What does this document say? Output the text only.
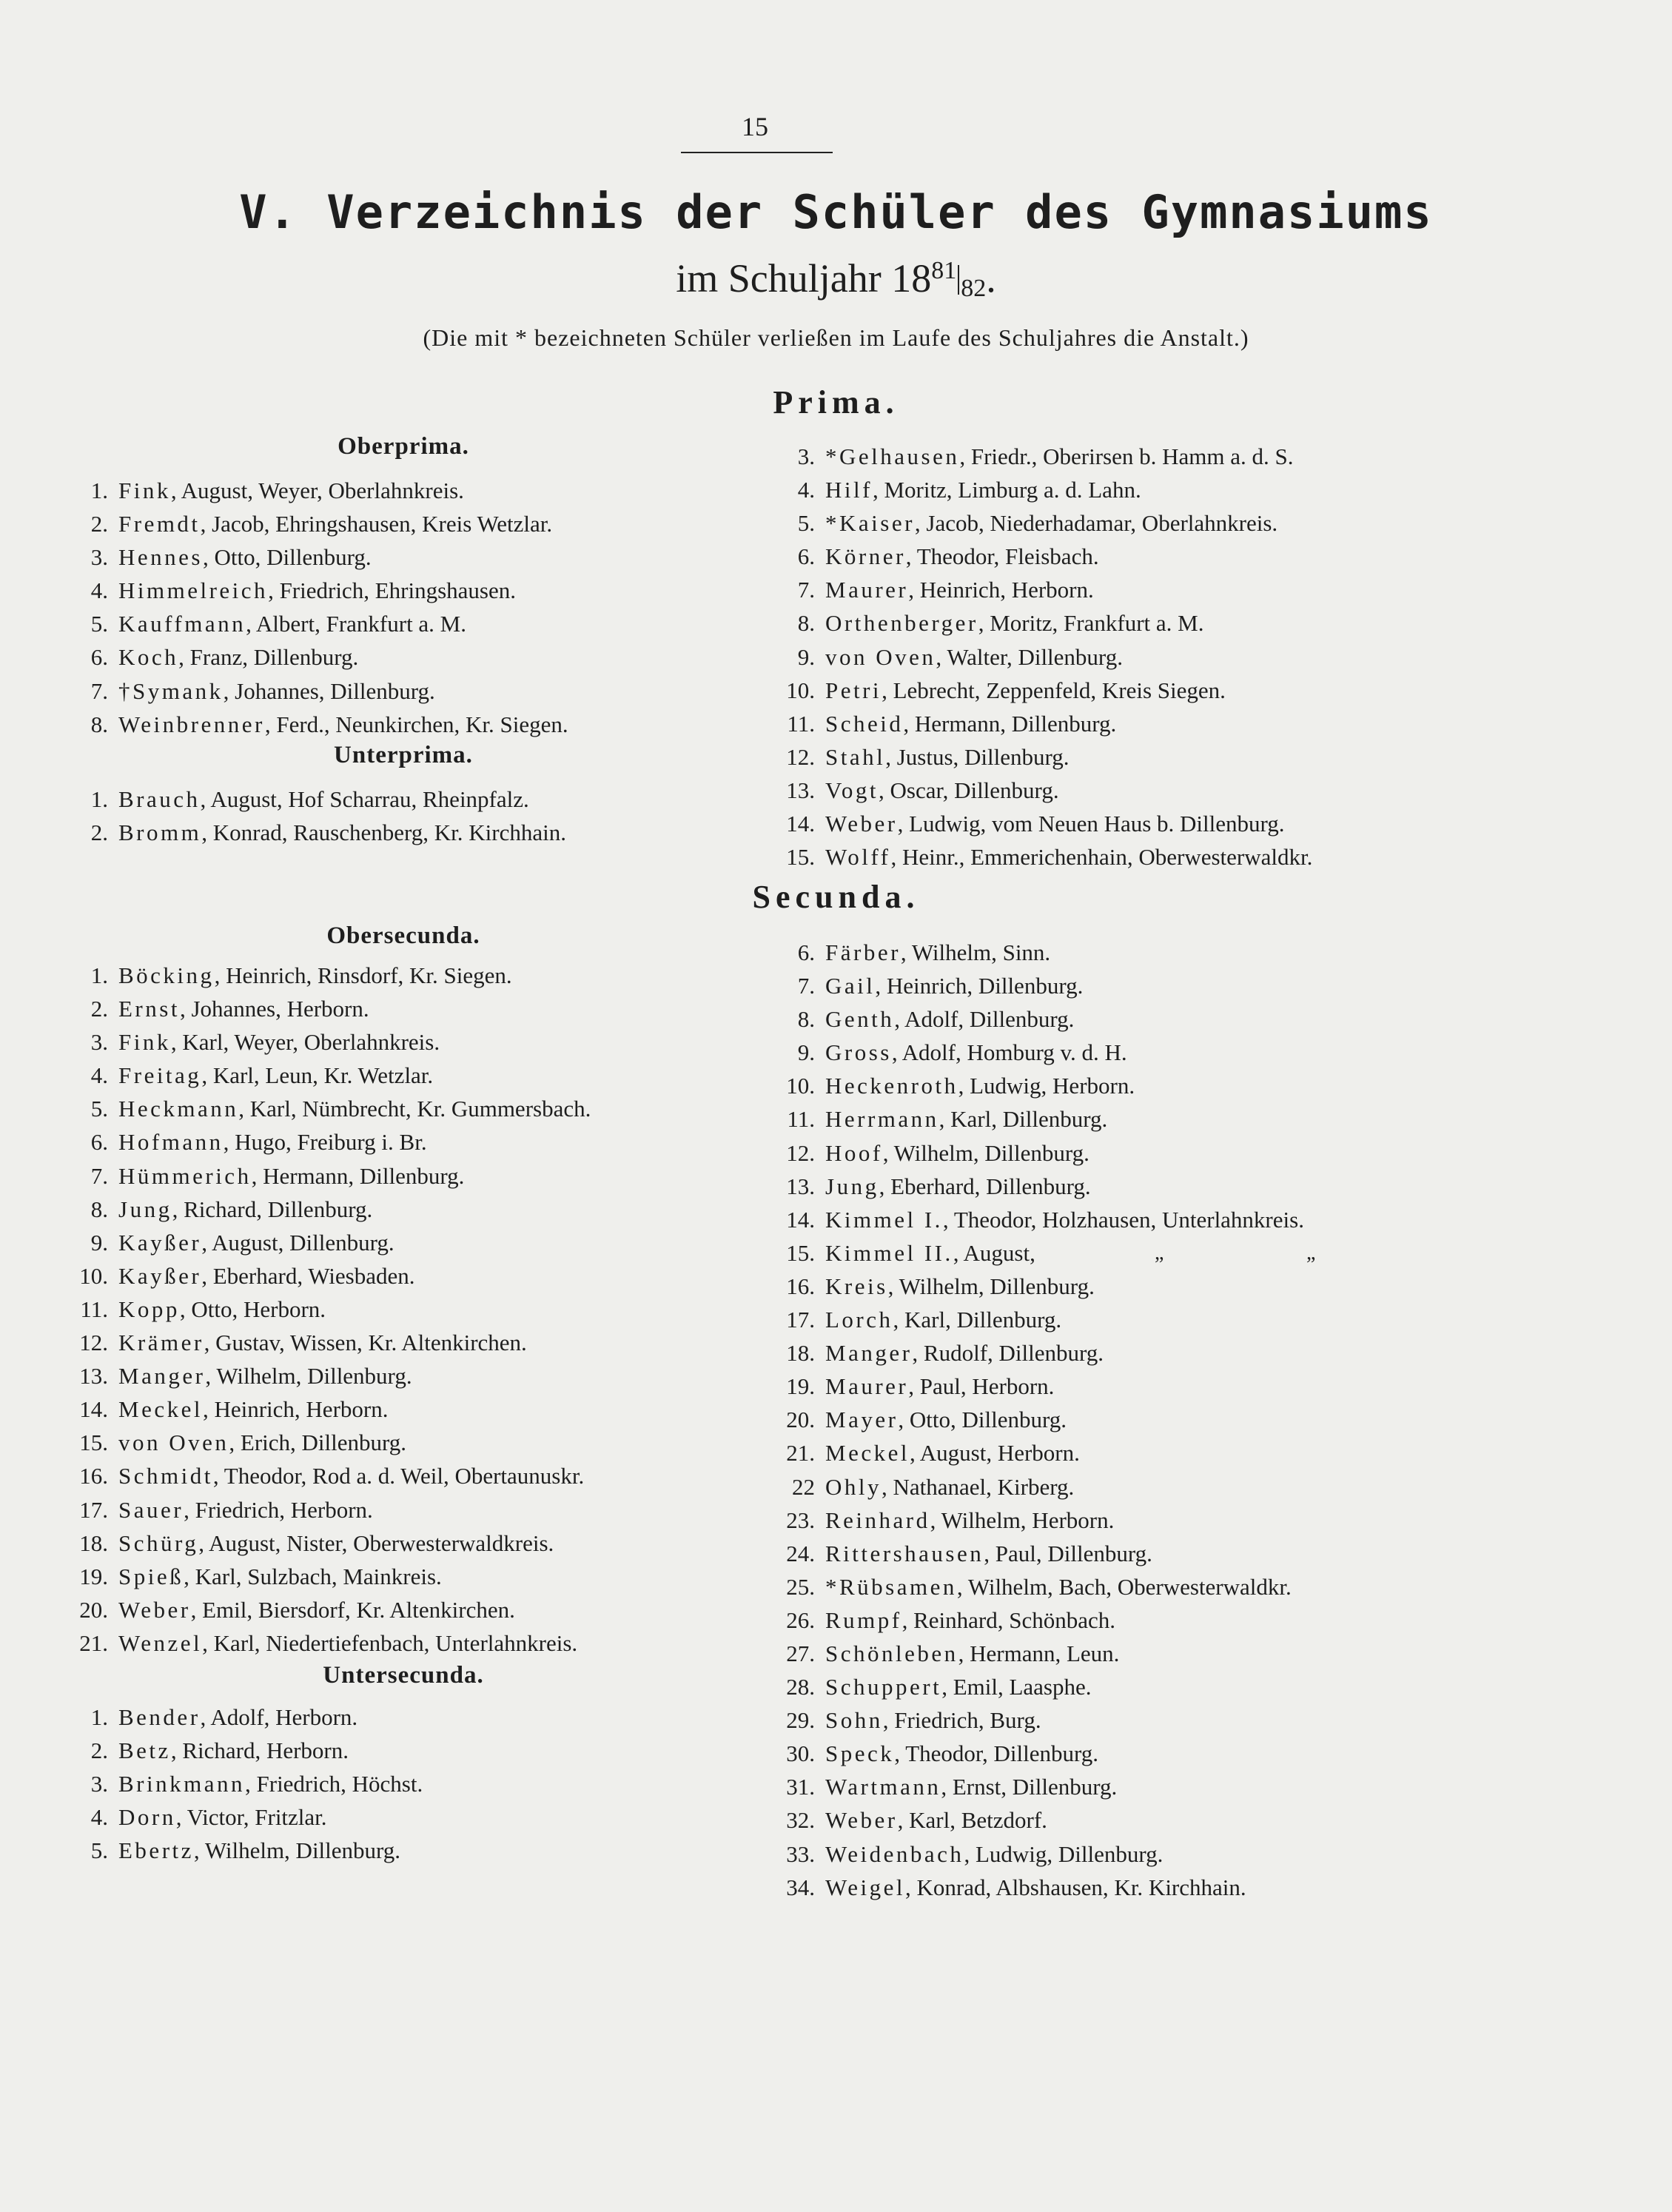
15
V. Verzeichnis der Schüler des Gymnasiums
im Schuljahr $18^{81}82$.
(Die mit * bezeichneten Schüler verließen im Laufe des Schuljahres die Anstalt.)
Prima.
Oberprima.
1. Fink, August, Weyer, Oberlahnkreis.
2. Fremdt, Jacob, Ehringshausen, Kreis Wetzlar.
3. Hennes, Otto, Dillenburg.
4. Himmelreich, Friedrich, Ehringshausen.
5. Kauffmann, Albert, Frankfurt a. M.
6. Koch, Franz, Dillenburg.
7. †Symank, Johannes, Dillenburg.
8. Weinbrenner, Ferd., Neunkirchen, Kr. Siegen.
Unterprima.
1. Brauch, August, Hof Scharrau, Rheinpfalz.
2. Bromm, Konrad, Rauschenberg, Kr. Kirchhain.
3. *Gelhausen, Friedr., Oberirsen b. Hamm a. d. S.
4. Hilf, Moritz, Limburg a. d. Lahn.
5. *Kaiser, Jacob, Niederhadamar, Oberlahnkreis.
6. Körner, Theodor, Fleisbach.
7. Maurer, Heinrich, Herborn.
8. Orthenberger, Moritz, Frankfurt a. M.
9. von Oven, Walter, Dillenburg.
10. Petri, Lebrecht, Zeppenfeld, Kreis Siegen.
11. Scheid, Hermann, Dillenburg.
12. Stahl, Justus, Dillenburg.
13. Vogt, Oscar, Dillenburg.
14. Weber, Ludwig, vom Neuen Haus b. Dillenburg.
15. Wolff, Heinr., Emmerichenhain, Oberwesterwaldkr.
Secunda.
Obersecunda.
1. Böcking, Heinrich, Rinsdorf, Kr. Siegen.
2. Ernst, Johannes, Herborn.
3. Fink, Karl, Weyer, Oberlahnkreis.
4. Freitag, Karl, Leun, Kr. Wetzlar.
5. Heckmann, Karl, Nümbrecht, Kr. Gummersbach.
6. Hofmann, Hugo, Freiburg i. Br.
7. Hümmerich, Hermann, Dillenburg.
8. Jung, Richard, Dillenburg.
9. Kayßer, August, Dillenburg.
10. Kayßer, Eberhard, Wiesbaden.
11. Kopp, Otto, Herborn.
12. Krämer, Gustav, Wissen, Kr. Altenkirchen.
13. Manger, Wilhelm, Dillenburg.
14. Meckel, Heinrich, Herborn.
15. von Oven, Erich, Dillenburg.
16. Schmidt, Theodor, Rod a. d. Weil, Obertaunuskr.
17. Sauer, Friedrich, Herborn.
18. Schürg, August, Nister, Oberwesterwaldkreis.
19. Spieß, Karl, Sulzbach, Mainkreis.
20. Weber, Emil, Biersdorf, Kr. Altenkirchen.
21. Wenzel, Karl, Niedertiefenbach, Unterlahnkreis.
Untersecunda.
1. Bender, Adolf, Herborn.
2. Betz, Richard, Herborn.
3. Brinkmann, Friedrich, Höchst.
4. Dorn, Victor, Fritzlar.
5. Ebertz, Wilhelm, Dillenburg.
6. Färber, Wilhelm, Sinn.
7. Gail, Heinrich, Dillenburg.
8. Genth, Adolf, Dillenburg.
9. Gross, Adolf, Homburg v. d. H.
10. Heckenroth, Ludwig, Herborn.
11. Herrmann, Karl, Dillenburg.
12. Hoof, Wilhelm, Dillenburg.
13. Jung, Eberhard, Dillenburg.
14. Kimmel I., Theodor, Holzhausen, Unterlahnkreis.
15. Kimmel II., August,	„	„
16. Kreis, Wilhelm, Dillenburg.
17. Lorch, Karl, Dillenburg.
18. Manger, Rudolf, Dillenburg.
19. Maurer, Paul, Herborn.
20. Mayer, Otto, Dillenburg.
21. Meckel, August, Herborn.
22 Ohly, Nathanael, Kirberg.
23. Reinhard, Wilhelm, Herborn.
24. Rittershausen, Paul, Dillenburg.
25. *Rübsamen, Wilhelm, Bach, Oberwesterwaldkr.
26. Rumpf, Reinhard, Schönbach.
27. Schönleben, Hermann, Leun.
28. Schuppert, Emil, Laasphe.
29. Sohn, Friedrich, Burg.
30. Speck, Theodor, Dillenburg.
31. Wartmann, Ernst, Dillenburg.
32. Weber, Karl, Betzdorf.
33. Weidenbach, Ludwig, Dillenburg.
34. Weigel, Konrad, Albshausen, Kr. Kirchhain.
